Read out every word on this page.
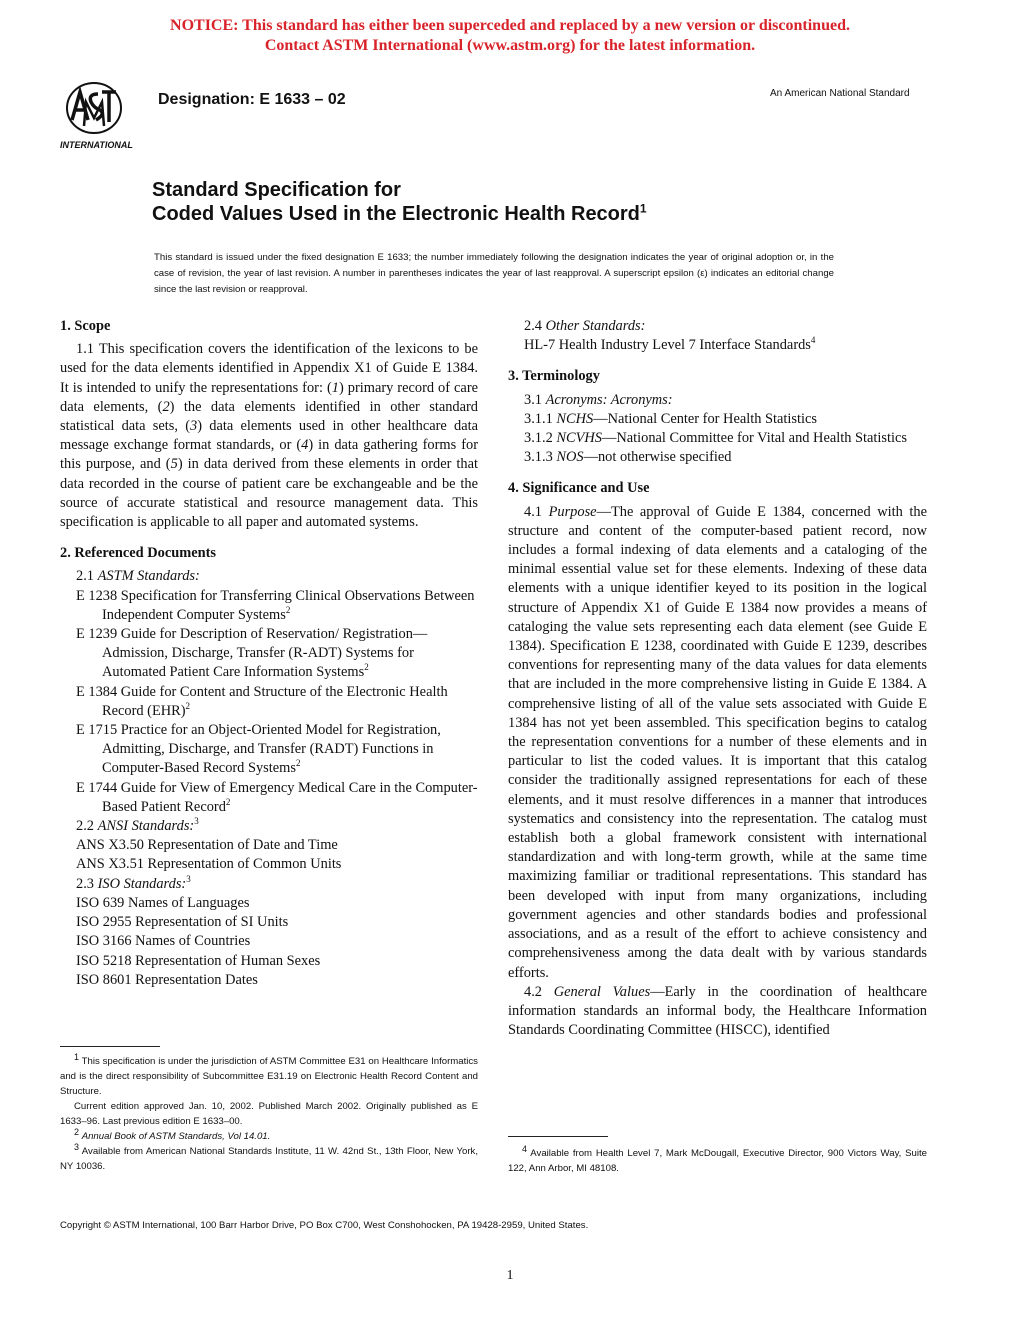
NOTICE: This standard has either been superceded and replaced by a new version or discontinued.
Contact ASTM International (www.astm.org) for the latest information.
INTERNATIONAL
Designation: E 1633 – 02	An American National Standard
Standard Specification for
Coded Values Used in the Electronic Health Record$^1$
This standard is issued under the fixed designation E 1633; the number immediately following the designation indicates the year of original adoption or, in the case of revision, the year of last revision. A number in parentheses indicates the year of last reapproval. A superscript epsilon (ε) indicates an editorial change since the last revision or reapproval.

1. Scope

1.1 This specification covers the identification of the lexicons to be used for the data elements identified in Appendix X1 of Guide E 1384. It is intended to unify the representations for: (1) primary record of care data elements, (2) the data elements identified in other standard statistical data sets, (3) data elements used in other healthcare data message exchange format standards, or (4) in data gathering forms for this purpose, and (5) in data derived from these elements in order that data recorded in the course of patient care be exchangeable and be the source of accurate statistical and resource management data. This specification is applicable to all paper and automated systems.

2. Referenced Documents

2.1 ASTM Standards:

E 1238 Specification for Transferring Clinical Observations Between Independent Computer Systems$^2$

E 1239 Guide for Description of Reservation/ Registration—Admission, Discharge, Transfer (R-ADT) Systems for Automated Patient Care Information Systems$^2$

E 1384 Guide for Content and Structure of the Electronic Health Record (EHR)$^2$

E 1715 Practice for an Object-Oriented Model for Registration, Admitting, Discharge, and Transfer (RADT) Functions in Computer-Based Record Systems$^2$

E 1744 Guide for View of Emergency Medical Care in the Computer-Based Patient Record$^2$

2.2 ANSI Standards:$^3$

ANS X3.50 Representation of Date and Time

ANS X3.51 Representation of Common Units

2.3 ISO Standards:$^3$

ISO 639 Names of Languages

ISO 2955 Representation of SI Units

ISO 3166 Names of Countries

ISO 5218 Representation of Human Sexes

ISO 8601 Representation Dates

$^1$ This specification is under the jurisdiction of ASTM Committee E31 on Healthcare Informatics and is the direct responsibility of Subcommittee E31.19 on Electronic Health Record Content and Structure.

Current edition approved Jan. 10, 2002. Published March 2002. Originally published as E 1633–96. Last previous edition E 1633–00.

$^2$ Annual Book of ASTM Standards, Vol 14.01.

$^3$ Available from American National Standards Institute, 11 W. 42nd St., 13th Floor, New York, NY 10036.

2.4 Other Standards:

HL-7 Health Industry Level 7 Interface Standards$^4$

3. Terminology

3.1 Acronyms: Acronyms:

3.1.1 NCHS—National Center for Health Statistics

3.1.2 NCVHS—National Committee for Vital and Health Statistics

3.1.3 NOS—not otherwise specified

4. Significance and Use

4.1 Purpose—The approval of Guide E 1384, concerned with the structure and content of the computer-based patient record, now includes a formal indexing of data elements and a cataloging of the minimal essential value set for these elements. Indexing of these data elements with a unique identifier keyed to its position in the logical structure of Appendix X1 of Guide E 1384 now provides a means of cataloging the value sets representing each data element (see Guide E 1384). Specification E 1238, coordinated with Guide E 1239, describes conventions for representing many of the data values for data elements that are included in the more comprehensive listing in Guide E 1384. A comprehensive listing of all of the value sets associated with Guide E 1384 has not yet been assembled. This specification begins to catalog the representation conventions for a number of these elements and in particular to list the coded values. It is important that this catalog consider the traditionally assigned representations for each of these elements, and it must resolve differences in a manner that introduces systematics and consistency into the representation. The catalog must establish both a global framework consistent with international standardization and with long-term growth, while at the same time maximizing familiar or traditional representations. This standard has been developed with input from many organizations, including government agencies and other standards bodies and professional associations, and as a result of the effort to achieve consistency and comprehensiveness among the data dealt with by various standards efforts.

4.2 General Values—Early in the coordination of healthcare information standards an informal body, the Healthcare Information Standards Coordinating Committee (HISCC), identified

$^4$ Available from Health Level 7, Mark McDougall, Executive Director, 900 Victors Way, Suite 122, Ann Arbor, MI 48108.

Copyright © ASTM International, 100 Barr Harbor Drive, PO Box C700, West Conshohocken, PA 19428-2959, United States.
1
